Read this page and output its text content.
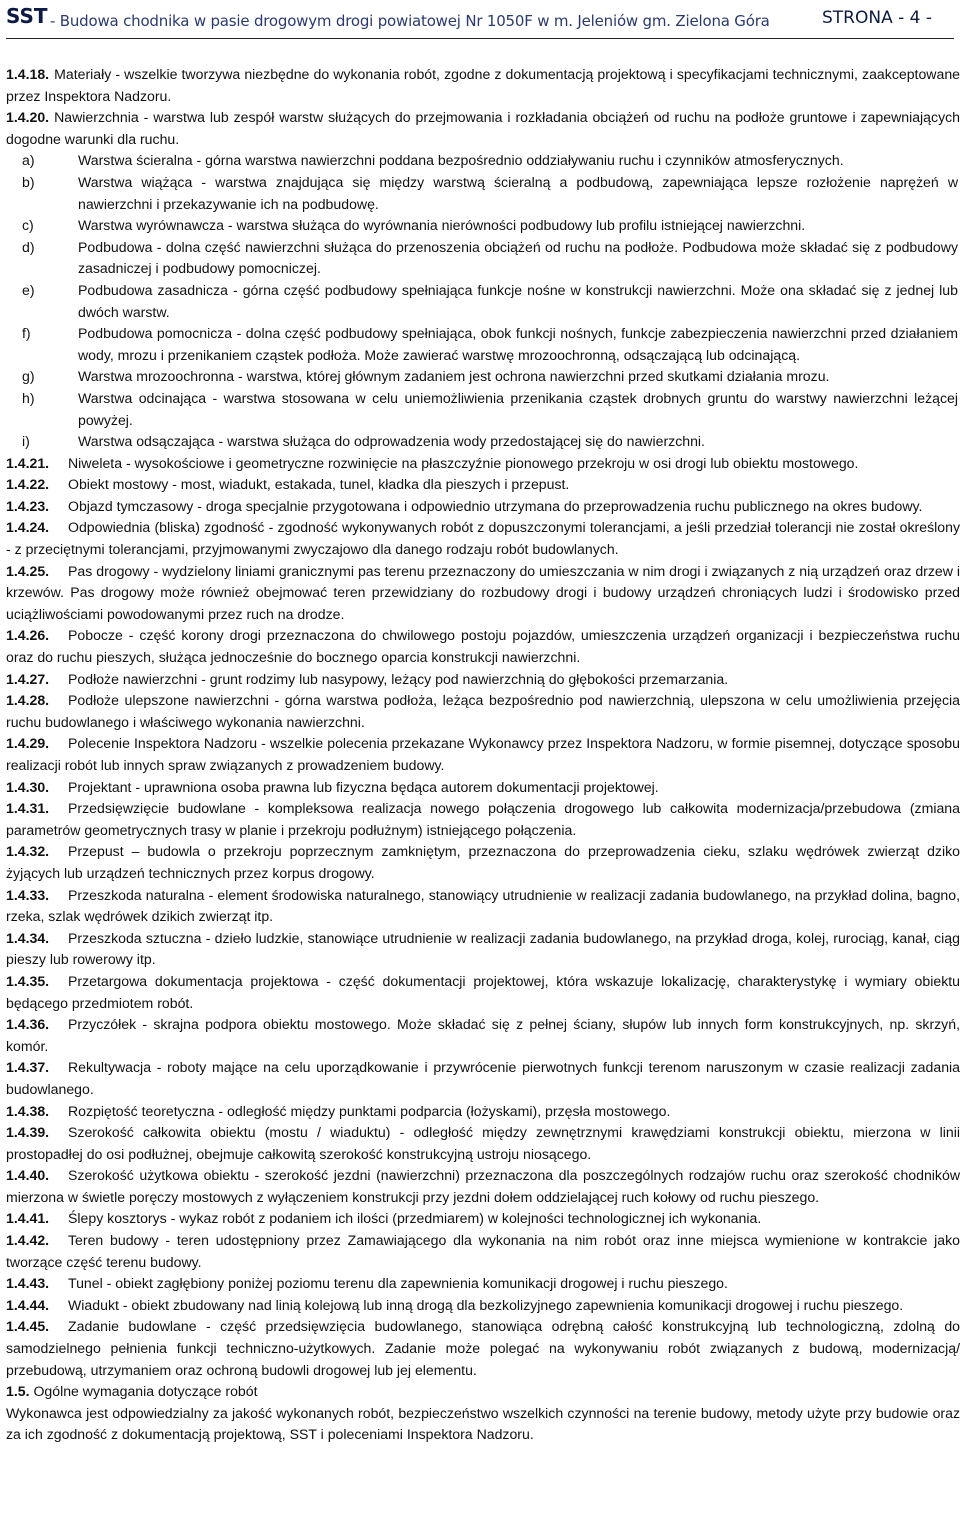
SST - Budowa chodnika w pasie drogowym drogi powiatowej Nr 1050F w m. Jeleniów gm. Zielona Góra	STRONA - 4 -

1.4.18. Materiały - wszelkie tworzywa niezbędne do wykonania robót, zgodne z dokumentacją projektową i specyfikacjami technicznymi, zaakceptowane przez Inspektora Nadzoru.

1.4.20. Nawierzchnia - warstwa lub zespół warstw służących do przejmowania i rozkładania obciążeń od ruchu na podłoże gruntowe i zapewniających dogodne warunki dla ruchu.

a)	Warstwa ścieralna - górna warstwa nawierzchni poddana bezpośrednio oddziaływaniu ruchu i czynników atmosferycznych.
b)	Warstwa wiążąca - warstwa znajdująca się między warstwą ścieralną a podbudową, zapewniająca lepsze rozłożenie naprężeń w nawierzchni i przekazywanie ich na podbudowę.
c)	Warstwa wyrównawcza - warstwa służąca do wyrównania nierówności podbudowy lub profilu istniejącej nawierzchni.
d)	Podbudowa - dolna część nawierzchni służąca do przenoszenia obciążeń od ruchu na podłoże. Podbudowa może składać się z podbudowy zasadniczej i podbudowy pomocniczej.
e)	Podbudowa zasadnicza - górna część podbudowy spełniająca funkcje nośne w konstrukcji nawierzchni. Może ona składać się z jednej lub dwóch warstw.
f)	Podbudowa pomocnicza - dolna część podbudowy spełniająca, obok funkcji nośnych, funkcje zabezpieczenia nawierzchni przed działaniem wody, mrozu i przenikaniem cząstek podłoża. Może zawierać warstwę mrozoochronną, odsączającą lub odcinającą.
g)	Warstwa mrozoochronna - warstwa, której głównym zadaniem jest ochrona nawierzchni przed skutkami działania mrozu.
h)	Warstwa odcinająca - warstwa stosowana w celu uniemożliwienia przenikania cząstek drobnych gruntu do warstwy nawierzchni leżącej powyżej.
i)	Warstwa odsączająca - warstwa służąca do odprowadzenia wody przedostającej się do nawierzchni.

1.4.21. Niweleta - wysokościowe i geometryczne rozwinięcie na płaszczyźnie pionowego przekroju w osi drogi lub obiektu mostowego.

1.4.22. Obiekt mostowy - most, wiadukt, estakada, tunel, kładka dla pieszych i przepust.

1.4.23. Objazd tymczasowy - droga specjalnie przygotowana i odpowiednio utrzymana do przeprowadzenia ruchu publicznego na okres budowy.

1.4.24. Odpowiednia (bliska) zgodność - zgodność wykonywanych robót z dopuszczonymi tolerancjami, a jeśli przedział tolerancji nie został określony - z przeciętnymi tolerancjami, przyjmowanymi zwyczajowo dla danego rodzaju robót budowlanych.

1.4.25. Pas drogowy - wydzielony liniami granicznymi pas terenu przeznaczony do umieszczania w nim drogi i związanych z nią urządzeń oraz drzew i krzewów. Pas drogowy może również obejmować teren przewidziany do rozbudowy drogi i budowy urządzeń chroniących ludzi i środowisko przed uciążliwościami powodowanymi przez ruch na drodze.

1.4.26. Pobocze - część korony drogi przeznaczona do chwilowego postoju pojazdów, umieszczenia urządzeń organizacji i bezpieczeństwa ruchu oraz do ruchu pieszych, służąca jednocześnie do bocznego oparcia konstrukcji nawierzchni.

1.4.27. Podłoże nawierzchni - grunt rodzimy lub nasypowy, leżący pod nawierzchnią do głębokości przemarzania.

1.4.28. Podłoże ulepszone nawierzchni - górna warstwa podłoża, leżąca bezpośrednio pod nawierzchnią, ulepszona w celu umożliwienia przejęcia ruchu budowlanego i właściwego wykonania nawierzchni.

1.4.29. Polecenie Inspektora Nadzoru - wszelkie polecenia przekazane Wykonawcy przez Inspektora Nadzoru, w formie pisemnej, dotyczące sposobu realizacji robót lub innych spraw związanych z prowadzeniem budowy.

1.4.30. Projektant - uprawniona osoba prawna lub fizyczna będąca autorem dokumentacji projektowej.

1.4.31. Przedsięwzięcie budowlane - kompleksowa realizacja nowego połączenia drogowego lub całkowita modernizacja/przebudowa (zmiana parametrów geometrycznych trasy w planie i przekroju podłużnym) istniejącego połączenia.

1.4.32. Przepust – budowla o przekroju poprzecznym zamkniętym, przeznaczona do przeprowadzenia cieku, szlaku wędrówek zwierząt dziko żyjących lub urządzeń technicznych przez korpus drogowy.

1.4.33. Przeszkoda naturalna - element środowiska naturalnego, stanowiący utrudnienie w realizacji zadania budowlanego, na przykład dolina, bagno, rzeka, szlak wędrówek dzikich zwierząt itp.

1.4.34. Przeszkoda sztuczna - dzieło ludzkie, stanowiące utrudnienie w realizacji zadania budowlanego, na przykład droga, kolej, rurociąg, kanał, ciąg pieszy lub rowerowy itp.

1.4.35. Przetargowa dokumentacja projektowa - część dokumentacji projektowej, która wskazuje lokalizację, charakterystykę i wymiary obiektu będącego przedmiotem robót.

1.4.36. Przyczółek - skrajna podpora obiektu mostowego. Może składać się z pełnej ściany, słupów lub innych form konstrukcyjnych, np. skrzyń, komór.

1.4.37. Rekultywacja - roboty mające na celu uporządkowanie i przywrócenie pierwotnych funkcji terenom naruszonym w czasie realizacji zadania budowlanego.

1.4.38. Rozpiętość teoretyczna - odległość między punktami podparcia (łożyskami), przęsła mostowego.

1.4.39. Szerokość całkowita obiektu (mostu / wiaduktu) - odległość między zewnętrznymi krawędziami konstrukcji obiektu, mierzona w linii prostopadłej do osi podłużnej, obejmuje całkowitą szerokość konstrukcyjną ustroju niosącego.

1.4.40. Szerokość użytkowa obiektu - szerokość jezdni (nawierzchni) przeznaczona dla poszczególnych rodzajów ruchu oraz szerokość chodników mierzona w świetle poręczy mostowych z wyłączeniem konstrukcji przy jezdni dołem oddzielającej ruch kołowy od ruchu pieszego.

1.4.41. Ślepy kosztorys - wykaz robót z podaniem ich ilości (przedmiarem) w kolejności technologicznej ich wykonania.

1.4.42. Teren budowy - teren udostępniony przez Zamawiającego dla wykonania na nim robót oraz inne miejsca wymienione w kontrakcie jako tworzące część terenu budowy.

1.4.43. Tunel - obiekt zagłębiony poniżej poziomu terenu dla zapewnienia komunikacji drogowej i ruchu pieszego.

1.4.44. Wiadukt - obiekt zbudowany nad linią kolejową lub inną drogą dla bezkolizyjnego zapewnienia komunikacji drogowej i ruchu pieszego.

1.4.45. Zadanie budowlane - część przedsięwzięcia budowlanego, stanowiąca odrębną całość konstrukcyjną lub technologiczną, zdolną do samodzielnego pełnienia funkcji techniczno-użytkowych. Zadanie może polegać na wykonywaniu robót związanych z budową, modernizacją/ przebudową, utrzymaniem oraz ochroną budowli drogowej lub jej elementu.

1.5. Ogólne wymagania dotyczące robót

Wykonawca jest odpowiedzialny za jakość wykonanych robót, bezpieczeństwo wszelkich czynności na terenie budowy, metody użyte przy budowie oraz za ich zgodność z dokumentacją projektową, SST i poleceniami Inspektora Nadzoru.
